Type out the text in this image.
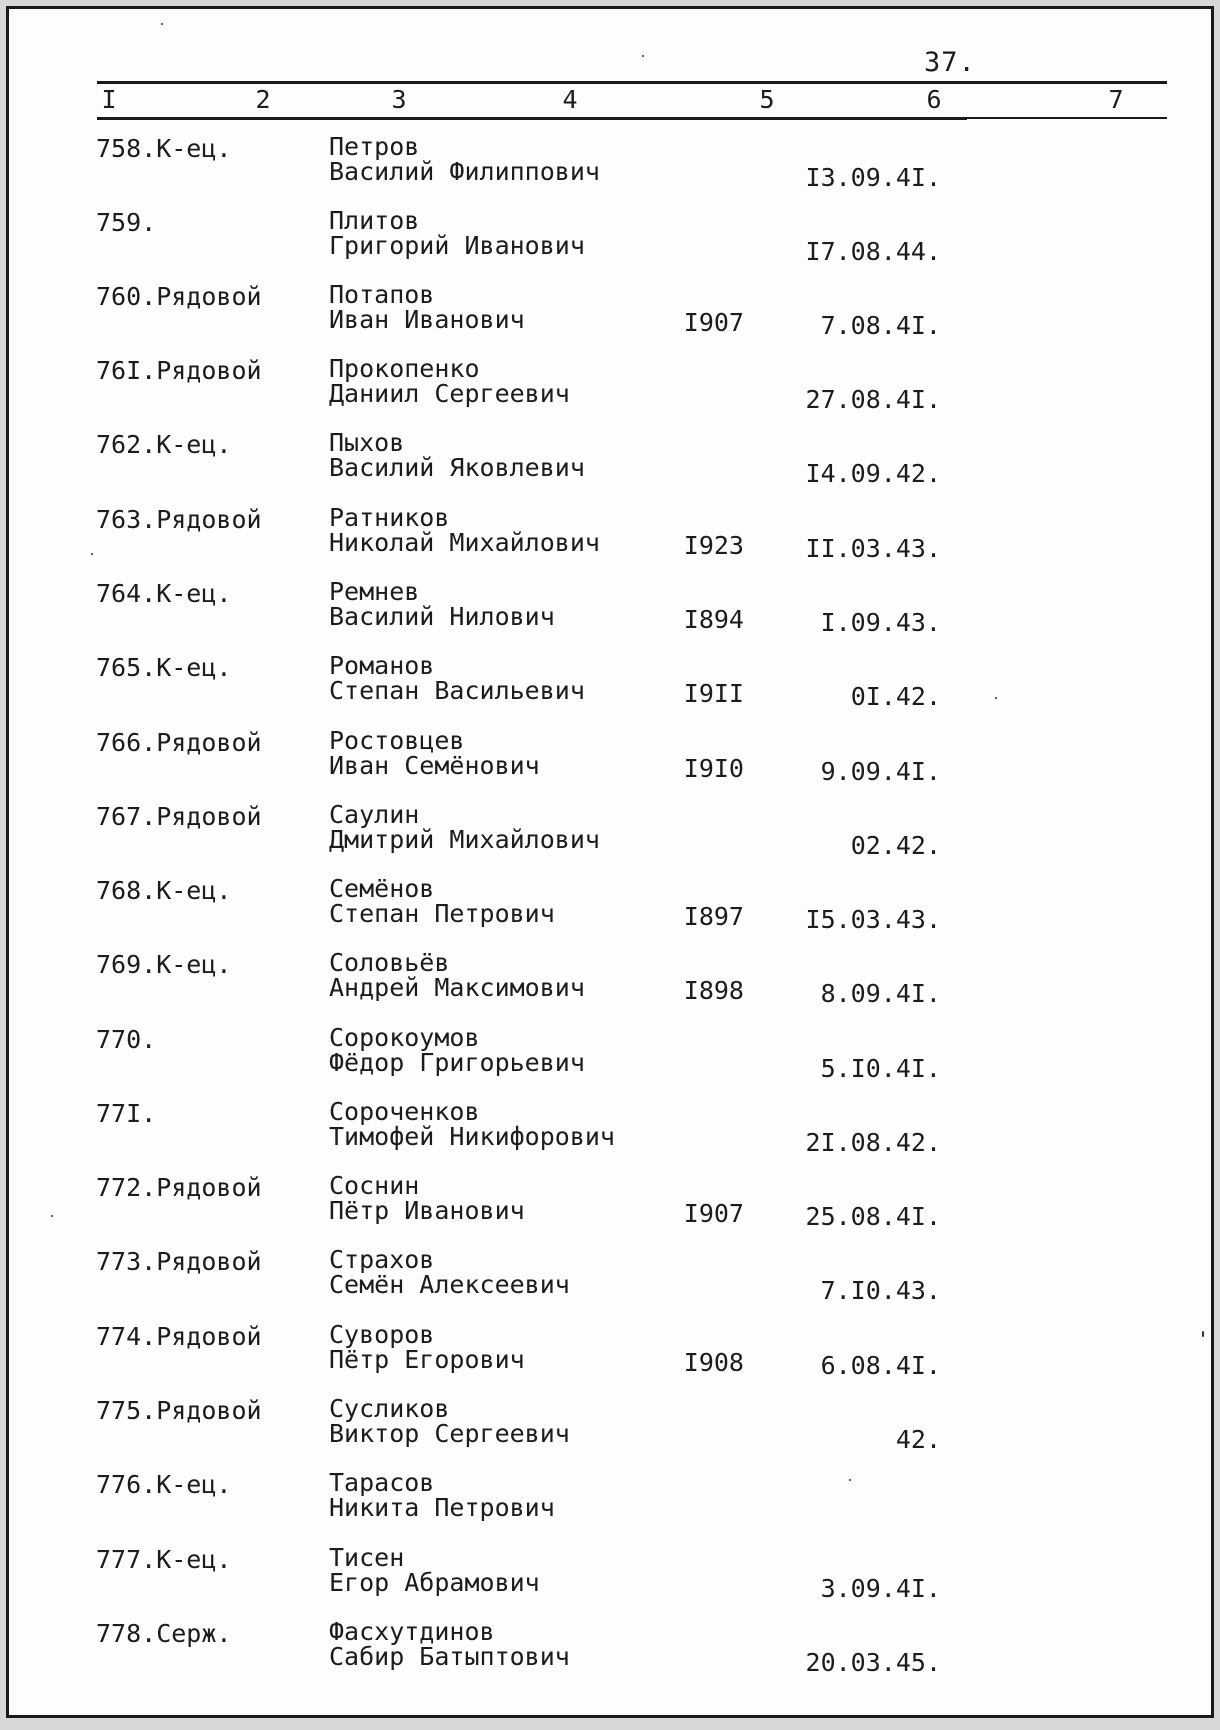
37.
I	2	3	4	5	6	7
758.К-ец.	Петров
Василий Филиппович	I3.09.4I.
759.	Плитов
Григорий Иванович	I7.08.44.
760.Рядовой	Потапов
Иван Иванович	I907	7.08.4I.
76I.Рядовой	Прокопенко
Даниил Сергеевич	27.08.4I.
762.К-ец.	Пыхов
Василий Яковлевич	I4.09.42.
763.Рядовой	Ратников
Николай Михайлович	I923	II.03.43.
764.К-ец.	Ремнев
Василий Нилович	I894	I.09.43.
765.К-ец.	Романов
Степан Васильевич	I9II	0I.42.
766.Рядовой	Ростовцев
Иван Семёнович	I9I0	9.09.4I.
767.Рядовой	Саулин
Дмитрий Михайлович	02.42.
768.К-ец.	Семёнов
Степан Петрович	I897	I5.03.43.
769.К-ец.	Соловьёв
Андрей Максимович	I898	8.09.4I.
770.	Сорокоумов
Фёдор Григорьевич	5.I0.4I.
77I.	Сороченков
Тимофей Никифорович	2I.08.42.
772.Рядовой	Соснин
Пётр Иванович	I907	25.08.4I.
773.Рядовой	Страхов
Семён Алексеевич	7.I0.43.
774.Рядовой	Суворов
Пётр Егорович	I908	6.08.4I.
775.Рядовой	Сусликов
Виктор Сергеевич	42.
776.К-ец.	Тарасов
Никита Петрович
777.К-ец.	Тисен
Егор Абрамович	3.09.4I.
778.Серж.	Фасхутдинов
Сабир Батыптович	20.03.45.
